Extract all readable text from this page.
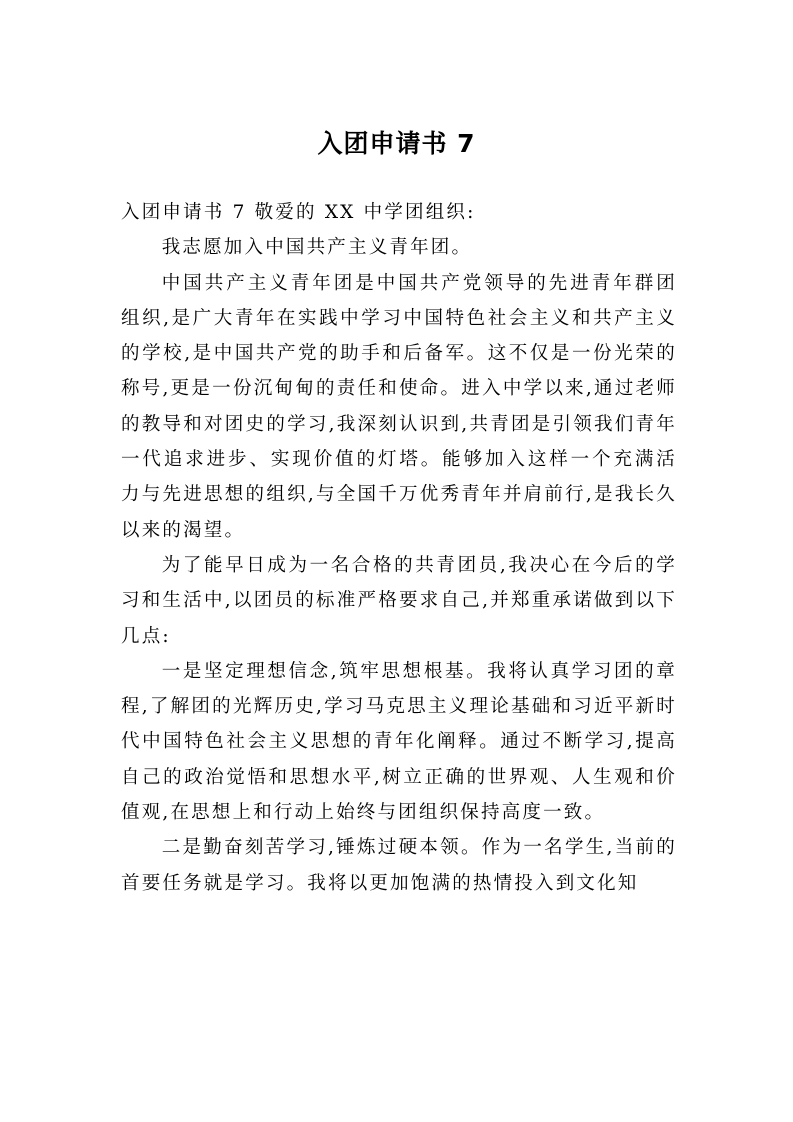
入团申请书 7

入团申请书 7 敬爱的 XX 中学团组织:

我志愿加入中国共产主义青年团。

中国共产主义青年团是中国共产党领导的先进青年群团组织,是广大青年在实践中学习中国特色社会主义和共产主义的学校,是中国共产党的助手和后备军。这不仅是一份光荣的称号,更是一份沉甸甸的责任和使命。进入中学以来,通过老师的教导和对团史的学习,我深刻认识到,共青团是引领我们青年一代追求进步、实现价值的灯塔。能够加入这样一个充满活力与先进思想的组织,与全国千万优秀青年并肩前行,是我长久以来的渴望。

为了能早日成为一名合格的共青团员,我决心在今后的学习和生活中,以团员的标准严格要求自己,并郑重承诺做到以下几点:

一是坚定理想信念,筑牢思想根基。我将认真学习团的章程,了解团的光辉历史,学习马克思主义理论基础和习近平新时代中国特色社会主义思想的青年化阐释。通过不断学习,提高自己的政治觉悟和思想水平,树立正确的世界观、人生观和价值观,在思想上和行动上始终与团组织保持高度一致。

二是勤奋刻苦学习,锤炼过硬本领。作为一名学生,当前的首要任务就是学习。我将以更加饱满的热情投入到文化知
